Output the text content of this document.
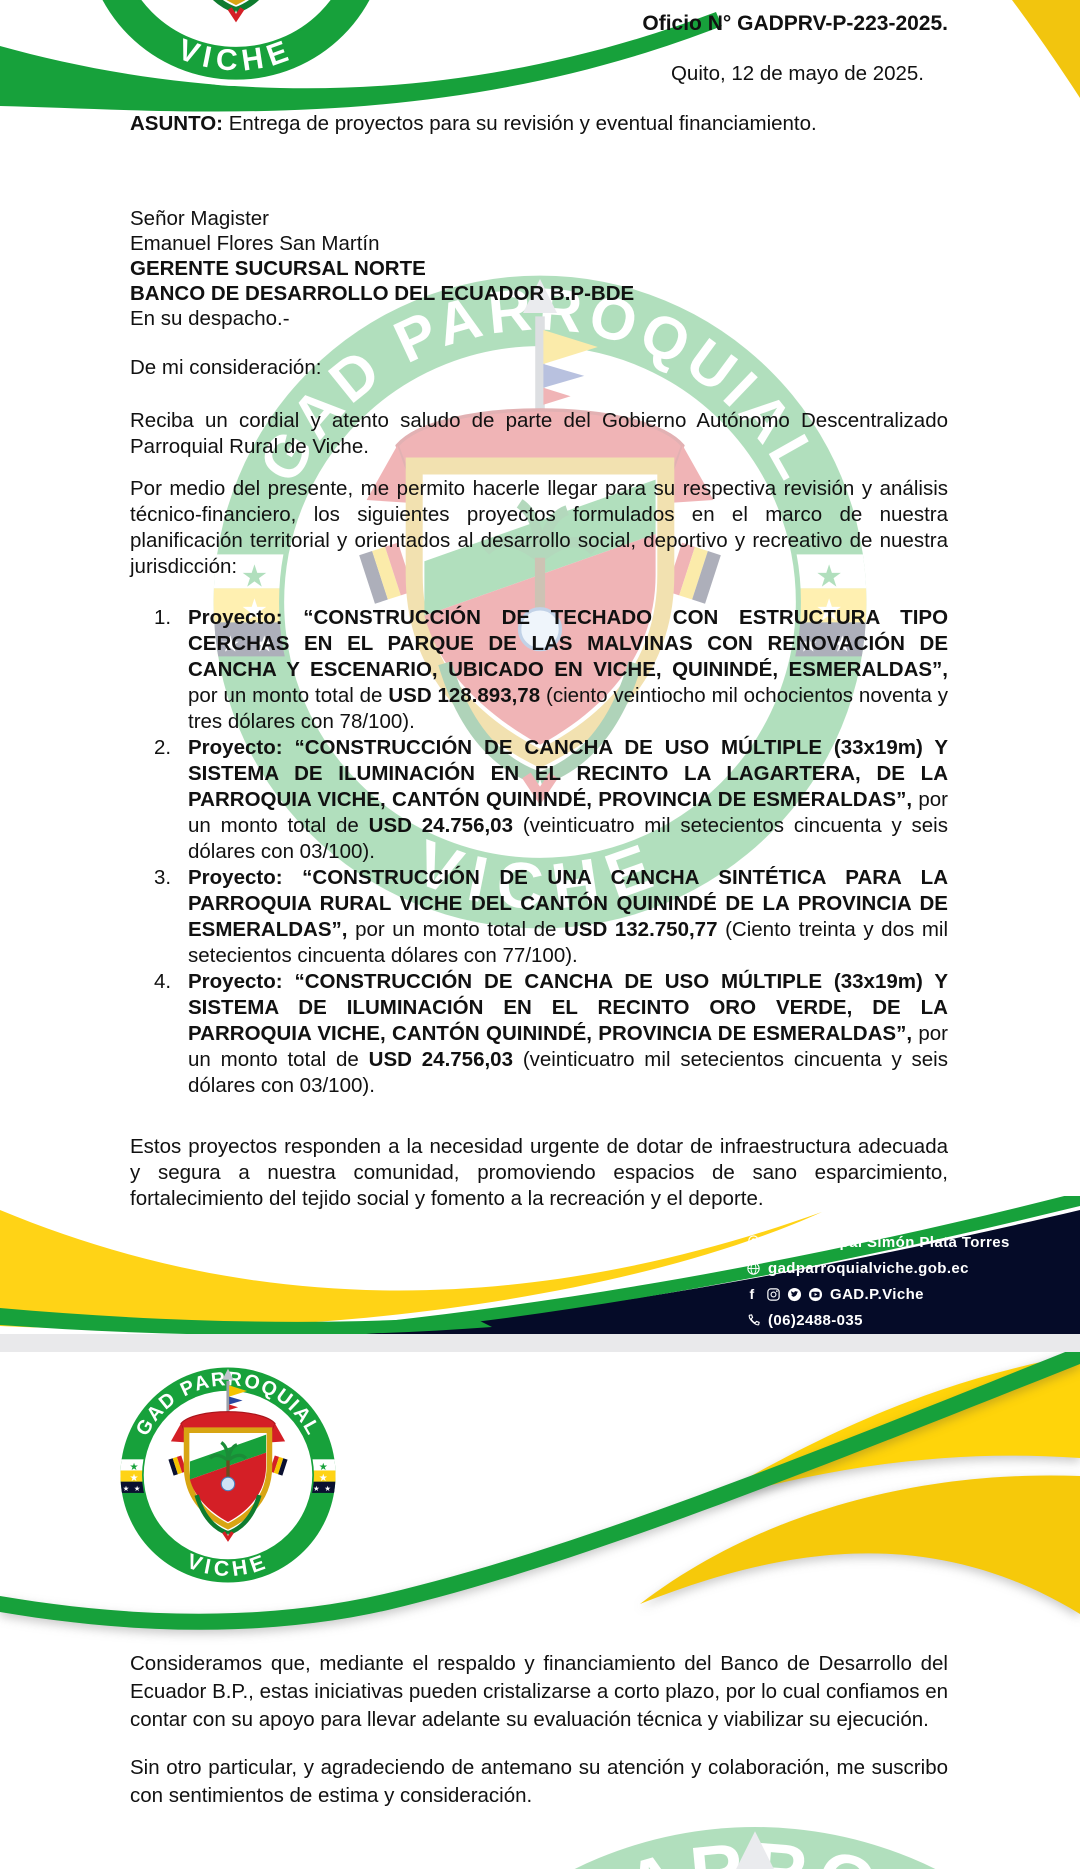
Oficio N° GADPRV-P-223-2025.
Quito, 12 de mayo de 2025.
ASUNTO: Entrega de proyectos para su revisión y eventual financiamiento.
Señor Magister
Emanuel Flores San Martín
GERENTE SUCURSAL NORTE
BANCO DE DESARROLLO DEL ECUADOR B.P-BDE
En su despacho.-
De mi consideración:
Reciba un cordial y atento saludo de parte del Gobierno Autónomo Descentralizado Parroquial Rural de Viche.
Por medio del presente, me permito hacerle llegar para su respectiva revisión y análisis técnico-financiero, los siguientes proyectos formulados en el marco de nuestra planificación territorial y orientados al desarrollo social, deportivo y recreativo de nuestra jurisdicción:
1. Proyecto: “CONSTRUCCIÓN DE TECHADO CON ESTRUCTURA TIPO CERCHAS EN EL PARQUE DE LAS MALVINAS CON RENOVACIÓN DE CANCHA Y ESCENARIO, UBICADO EN VICHE, QUININDÉ, ESMERALDAS”, por un monto total de USD 128.893,78 (ciento veintiocho mil ochocientos noventa y tres dólares con 78/100).
2. Proyecto: “CONSTRUCCIÓN DE CANCHA DE USO MÚLTIPLE (33x19m) Y SISTEMA DE ILUMINACIÓN EN EL RECINTO LA LAGARTERA, DE LA PARROQUIA VICHE, CANTÓN QUININDÉ, PROVINCIA DE ESMERALDAS”, por un monto total de USD 24.756,03 (veinticuatro mil setecientos cincuenta y seis dólares con 03/100).
3. Proyecto: “CONSTRUCCIÓN DE UNA CANCHA SINTÉTICA PARA LA PARROQUIA RURAL VICHE DEL CANTÓN QUININDÉ DE LA PROVINCIA DE ESMERALDAS”, por un monto total de USD 132.750,77 (Ciento treinta y dos mil setecientos cincuenta dólares con 77/100).
4. Proyecto: “CONSTRUCCIÓN DE CANCHA DE USO MÚLTIPLE (33x19m) Y SISTEMA DE ILUMINACIÓN EN EL RECINTO ORO VERDE, DE LA PARROQUIA VICHE, CANTÓN QUININDÉ, PROVINCIA DE ESMERALDAS”, por un monto total de USD 24.756,03 (veinticuatro mil setecientos cincuenta y seis dólares con 03/100).
Estos proyectos responden a la necesidad urgente de dotar de infraestructura adecuada y segura a nuestra comunidad, promoviendo espacios de sano esparcimiento, fortalecimiento del tejido social y fomento a la recreación y el deporte.
Av. Principal Simón Plata Torres
gadparroquialviche.gob.ec
f	GAD.P.Viche
(06)2488-035
Consideramos que, mediante el respaldo y financiamiento del Banco de Desarrollo del Ecuador B.P., estas iniciativas pueden cristalizarse a corto plazo, por lo cual confiamos en contar con su apoyo para llevar adelante su evaluación técnica y viabilizar su ejecución.
Sin otro particular, y agradeciendo de antemano su atención y colaboración, me suscribo con sentimientos de estima y consideración.
